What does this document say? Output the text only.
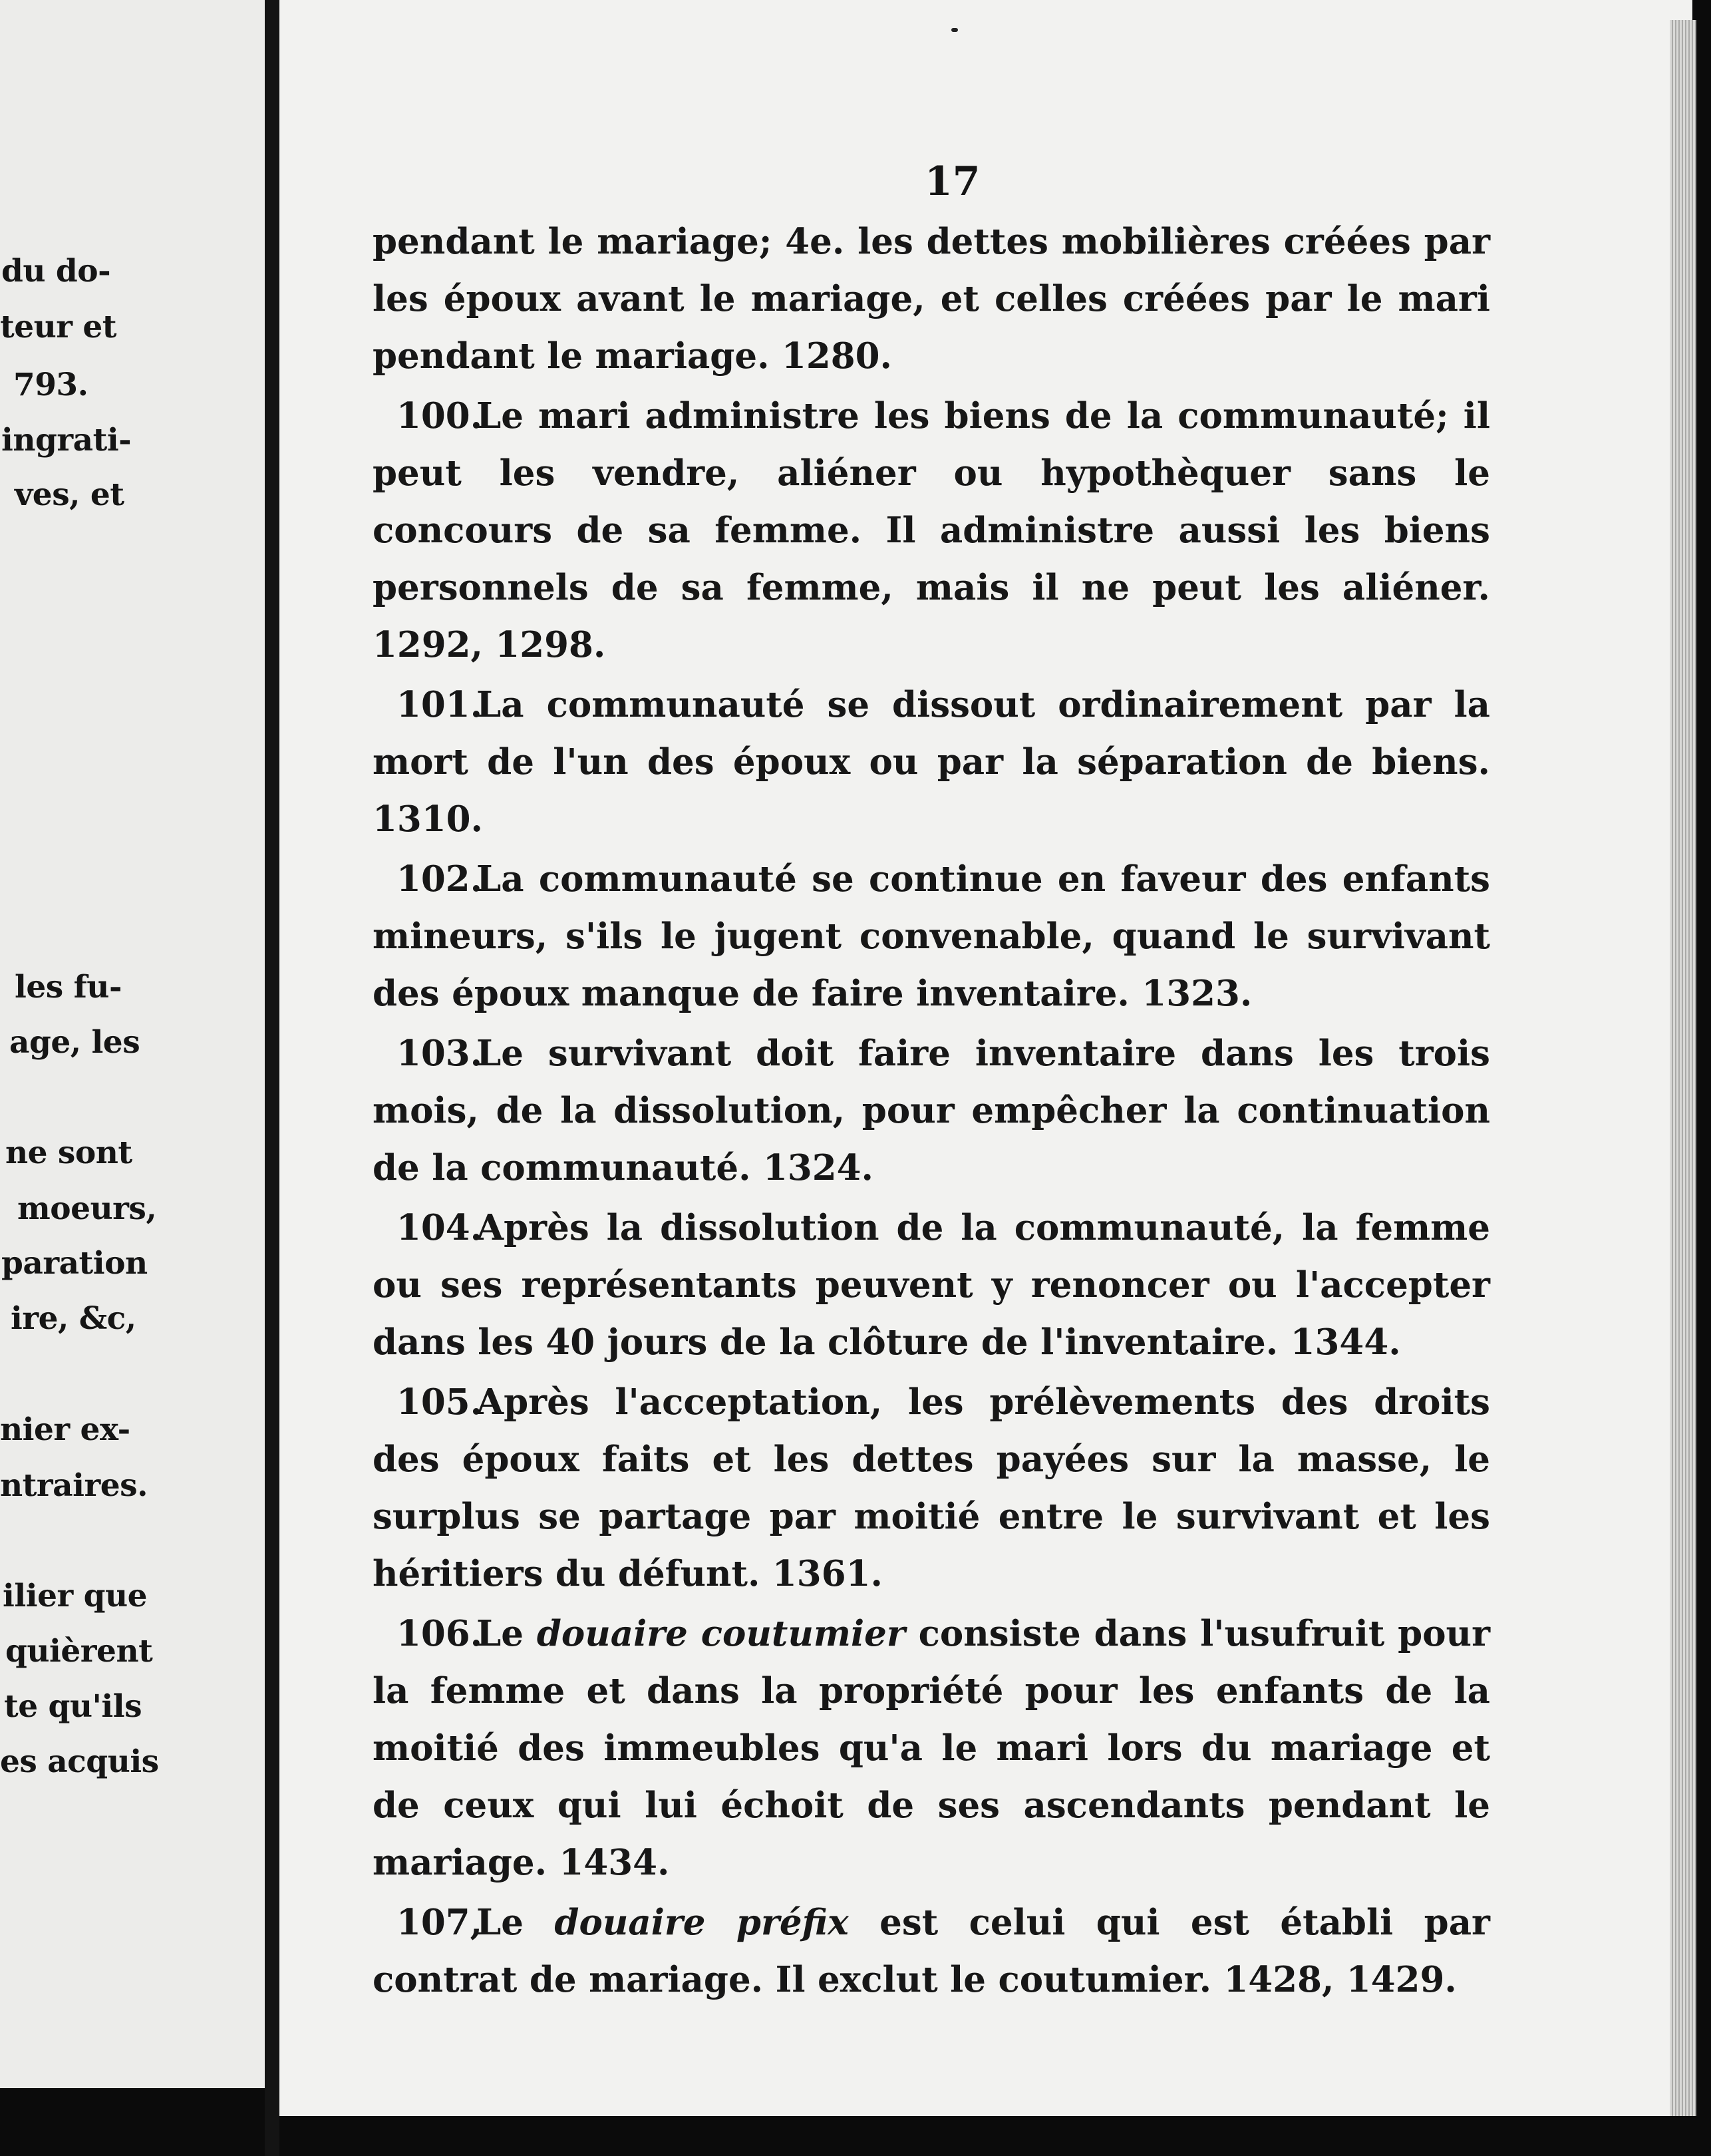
du do-
teur et
793.
ingrati-
ves, et
les fu-
age, les
ne sont
moeurs,
paration
ire, &c,
nier ex-
ntraires.
ilier que
quièrent
te qu'ils
es acquis
17

pendant le mariage; 4e. les dettes mobilières créées par les époux avant le mariage, et celles créées par le mari pendant le mariage. 1280.

100.Le mari administre les biens de la communauté; il peut les vendre, aliéner ou hypothèquer sans le concours de sa femme. Il administre aussi les biens personnels de sa femme, mais il ne peut les aliéner. 1292, 1298.

101.La communauté se dissout ordinairement par la mort de l'un des époux ou par la séparation de biens. 1310.

102.La communauté se continue en faveur des enfants mineurs, s'ils le jugent convenable, quand le survivant des époux manque de faire inventaire. 1323.

103.Le survivant doit faire inventaire dans les trois mois, de la dissolution, pour empêcher la continuation de la communauté. 1324.

104.Après la dissolution de la communauté, la femme ou ses représentants peuvent y renoncer ou l'accepter dans les 40 jours de la clôture de l'inventaire. 1344.

105.Après l'acceptation, les prélèvements des droits des époux faits et les dettes payées sur la masse, le surplus se partage par moitié entre le survivant et les héritiers du défunt. 1361.

106.Le douaire coutumier consiste dans l'usufruit pour la femme et dans la propriété pour les enfants de la moitié des immeubles qu'a le mari lors du mariage et de ceux qui lui échoit de ses ascendants pendant le mariage. 1434.

107,Le douaire préfix est celui qui est établi par contrat de mariage. Il exclut le coutumier. 1428, 1429.
